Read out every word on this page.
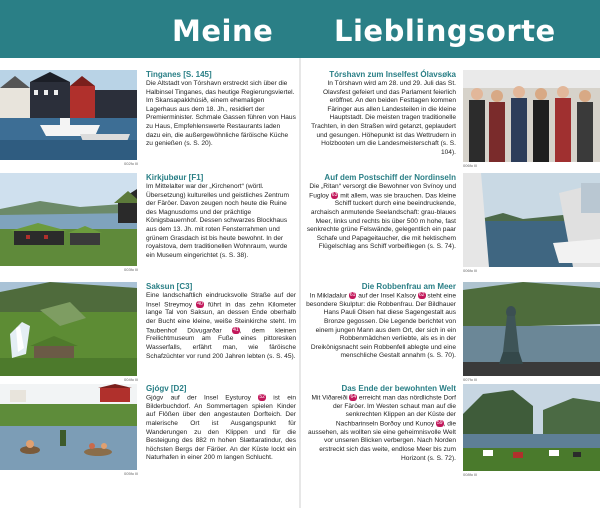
Meine Lieblingsorte
002fo Ill
Tinganes [S. 145]
Die Altstadt von Tórshavn erstreckt sich über die Halbinsel Tinganes, das heutige Regierungsviertel. Im Skansapakkhúsið, einem ehemaligen Lagerhaus aus dem 18. Jh., residiert der Premierminister. Schmale Gassen führen von Haus zu Haus, Empfehlenswerte Restaurants laden dazu ein, die außergewöhnliche färöische Küche zu genießen (s. S. 20).
003fo Ill
Kirkjubøur [F1]
Im Mittelalter war der „Kirchenort“ (wörtl. Übersetzung) kulturelles und geistliches Zentrum der Färöer. Davon zeugen noch heute die Ruine des Magnusdoms und der prächtige Königsbauernhof. Dessen schwarzes Blockhaus aus dem 13. Jh. mit roten Fensterrahmen und grünem Grasdach ist bis heute bewohnt. In der royalstova, dem traditionellen Wohnraum, wurde ein Museum eingerichtet (s. S. 38).
004fo Ill
Saksun [C3]
Eine landschaftlich eindrucksvolle Straße auf der Insel Streymoy 40 führt in das zehn Kilometer lange Tal von Saksun, an dessen Ende oberhalb der Bucht eine kleine, weiße Steinkirche steht. Im Taubenhof Dúvugarðar 41, dem kleinen Freilichtmuseum am Fuße eines pittoresken Wasserfalls, erfährt man, wie färöische Schafzüchter vor rund 200 Jahren lebten (s. S. 45).
005fo Ill
Gjógv [D2]
Gjógv auf der Insel Eysturoy 52 ist ein Bilderbuchdorf. An Sommertagen spielen Kinder auf Flößen über den angestauten Dorfteich. Der malerische Ort ist Ausgangspunkt für Wanderungen zu den Klippen und für die Besteigung des 882 m hohen Slættaratindur, des höchsten Bergs der Färöer. An der Küste lockt ein Naturhafen in einer 200 m langen Schlucht.
Tórshavn zum Inselfest Ólavsøka
In Tórshavn wird am 28. und 29. Juli das St. Olavsfest gefeiert und das Parlament feierlich eröffnet. An den beiden Festtagen kommen Färinger aus allen Landesteilen in die kleine Hauptstadt. Die meisten tragen traditionelle Trachten, in den Straßen wird getanzt, geplaudert und gesungen. Höhepunkt ist das Wettrudern in Holzbooten um die Landesmeisterschaft (s. S. 104).
006fo Ill
Auf dem Postschiff der Nordinseln
Die „Ritan“ versorgt die Bewohner von Svínoy und Fugloy 63 mit allem, was sie brauchen. Das kleine Schiff tuckert durch eine beeindruckende, archaisch anmutende Seelandschaft: grau-blaues Meer, links und rechts bis über 500 m hohe, fast senkrechte grüne Felswände, gelegentlich ein paar Schafe und Papageitaucher, die mit hektischem Flügelschlag ans Schiff vorbeifliegen (s. S. 74).
006fo Ill
Die Robbenfrau am Meer
In Mikladalur 61 auf der Insel Kalsoy 62 steht eine besondere Skulptur: die Robbenfrau. Der Bildhauer Hans Pauli Olsen hat diese Sagengestalt aus Bronze gegossen. Die Legende berichtet von einem jungen Mann aus dem Ort, der sich in ein Robbenmädchen verliebte, als es in der Dreikönigsnacht sein Robbenfell ablegte und eine menschliche Gestalt annahm (s. S. 70).
007fo Ill
Das Ende der bewohnten Welt
Mit Viðareiði 64 erreicht man das nördlichste Dorf der Färöer. Im Westen schaut man auf die senkrechten Klippen an der Küste der Nachbarinseln Borðoy und Kunoy 59, die aussehen, als wollten sie eine geheimnisvolle Welt vor unseren Blicken verbergen. Nach Norden erstreckt sich das weite, endlose Meer bis zum Horizont (s. S. 72).
008fo Ill
